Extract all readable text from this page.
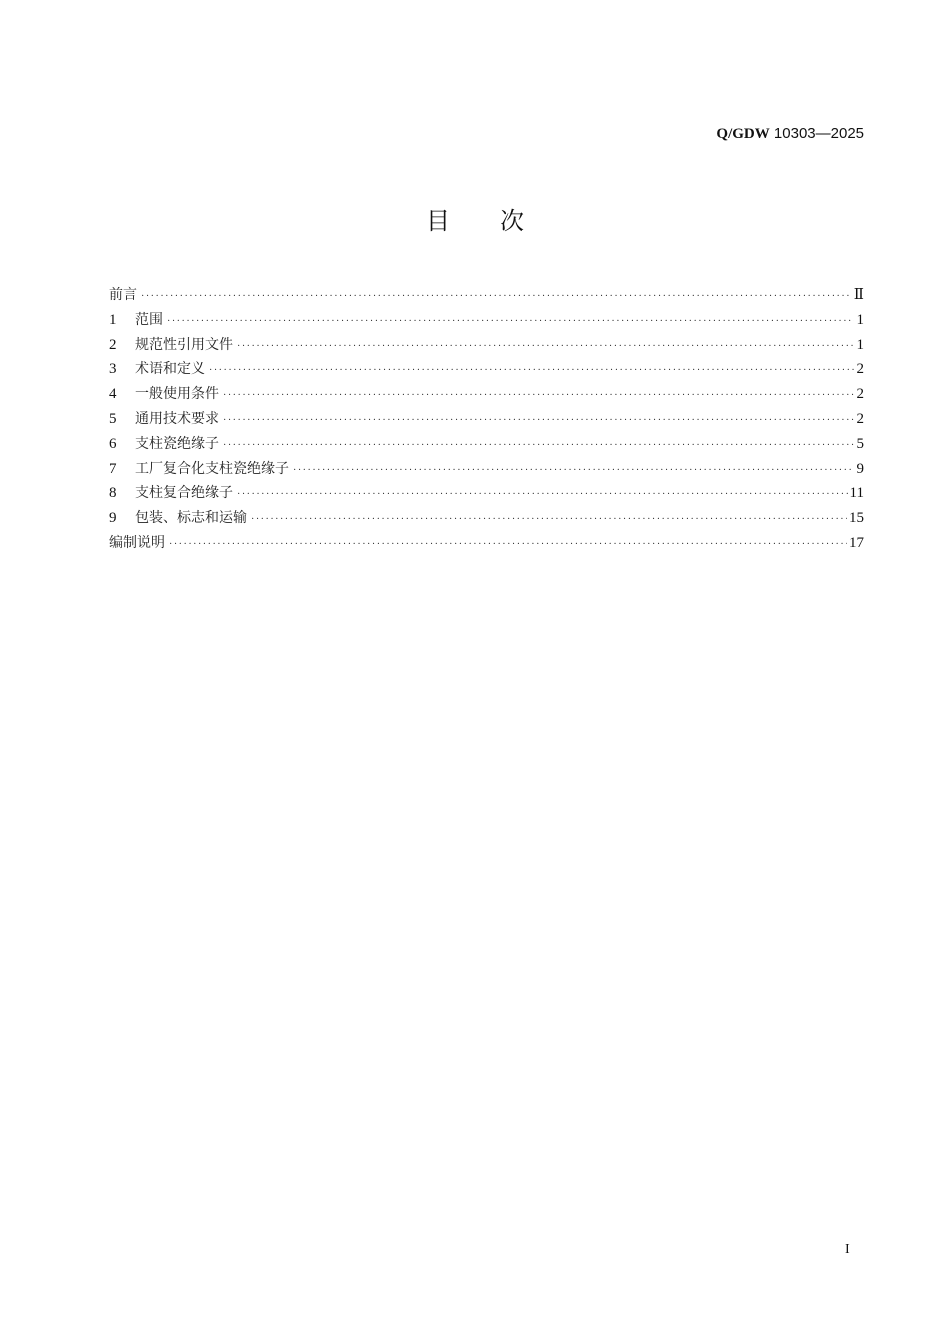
Q/GDW 10303—2025
目次
前言 ·····	Ⅱ
1	范围 ·····	1
2	规范性引用文件 ·····	1
3	术语和定义 ·····	2
4	一般使用条件 ·····	2
5	通用技术要求 ·····	2
6	支柱瓷绝缘子 ·····	5
7	工厂复合化支柱瓷绝缘子 ·····	9
8	支柱复合绝缘子 ·····	11
9	包装、标志和运输 ·····	15
编制说明 ·····	17
I
